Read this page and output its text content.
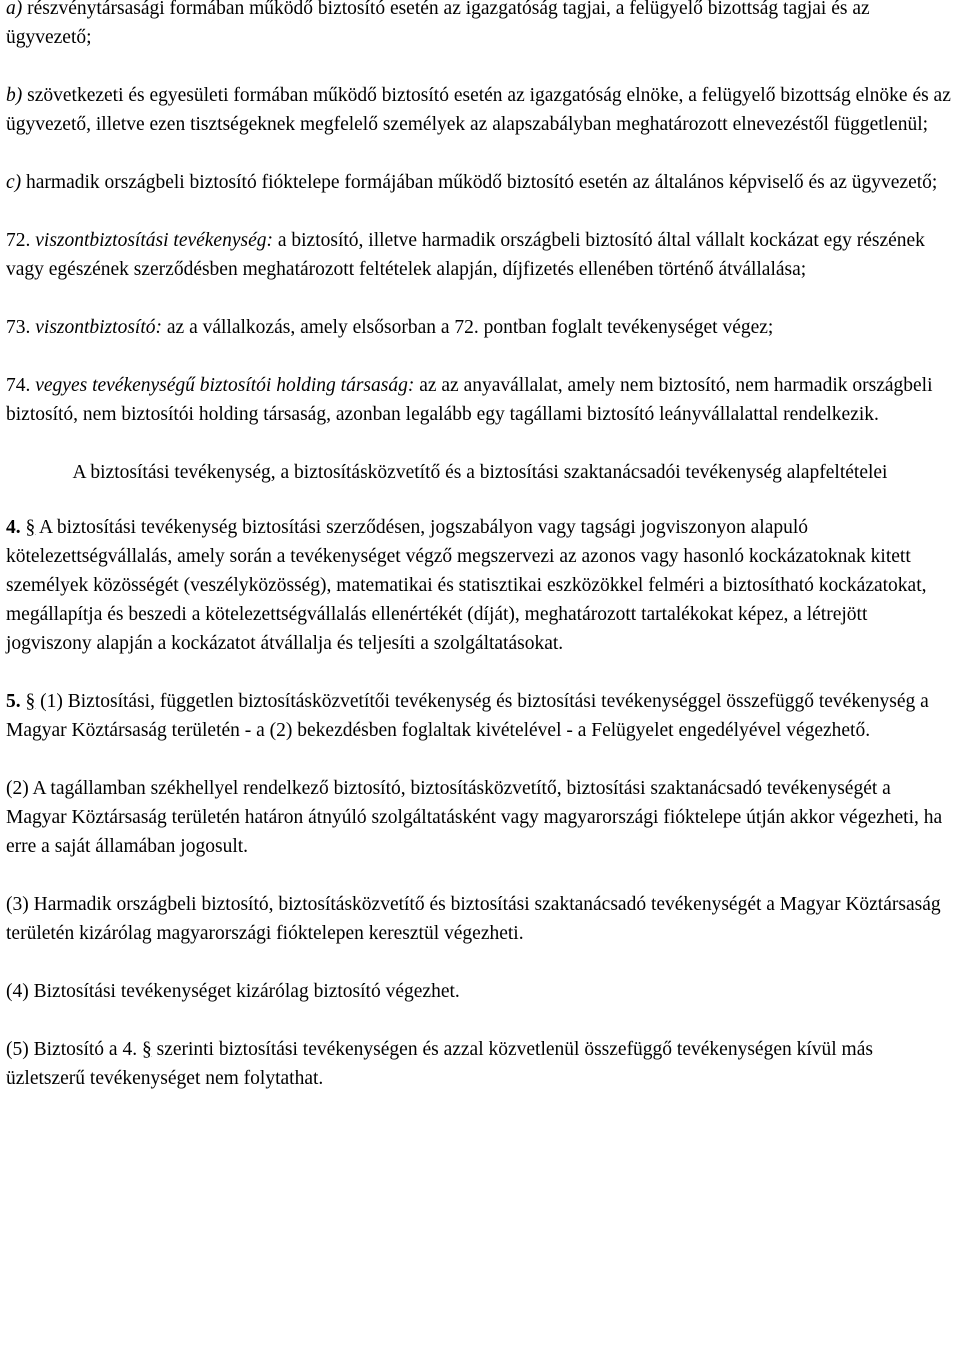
a) részvénytársasági formában működő biztosító esetén az igazgatóság tagjai, a felügyelő bizottság tagjai és az ügyvezető;

b) szövetkezeti és egyesületi formában működő biztosító esetén az igazgatóság elnöke, a felügyelő bizottság elnöke és az ügyvezető, illetve ezen tisztségeknek megfelelő személyek az alapszabályban meghatározott elnevezéstől függetlenül;

c) harmadik országbeli biztosító fióktelepe formájában működő biztosító esetén az általános képviselő és az ügyvezető;

72. viszontbiztosítási tevékenység: a biztosító, illetve harmadik országbeli biztosító által vállalt kockázat egy részének vagy egészének szerződésben meghatározott feltételek alapján, díjfizetés ellenében történő átvállalása;

73. viszontbiztosító: az a vállalkozás, amely elsősorban a 72. pontban foglalt tevékenységet végez;

74. vegyes tevékenységű biztosítói holding társaság: az az anyavállalat, amely nem biztosító, nem harmadik országbeli biztosító, nem biztosítói holding társaság, azonban legalább egy tagállami biztosító leányvállalattal rendelkezik.

A biztosítási tevékenység, a biztosításközvetítő és a biztosítási szaktanácsadói tevékenység alapfeltételei

4. § A biztosítási tevékenység biztosítási szerződésen, jogszabályon vagy tagsági jogviszonyon alapuló kötelezettségvállalás, amely során a tevékenységet végző megszervezi az azonos vagy hasonló kockázatoknak kitett személyek közösségét (veszélyközösség), matematikai és statisztikai eszközökkel felméri a biztosítható kockázatokat, megállapítja és beszedi a kötelezettségvállalás ellenértékét (díját), meghatározott tartalékokat képez, a létrejött jogviszony alapján a kockázatot átvállalja és teljesíti a szolgáltatásokat.

5. § (1) Biztosítási, független biztosításközvetítői tevékenység és biztosítási tevékenységgel összefüggő tevékenység a Magyar Köztársaság területén - a (2) bekezdésben foglaltak kivételével - a Felügyelet engedélyével végezhető.

(2) A tagállamban székhellyel rendelkező biztosító, biztosításközvetítő, biztosítási szaktanácsadó tevékenységét a Magyar Köztársaság területén határon átnyúló szolgáltatásként vagy magyarországi fióktelepe útján akkor végezheti, ha erre a saját államában jogosult.

(3) Harmadik országbeli biztosító, biztosításközvetítő és biztosítási szaktanácsadó tevékenységét a Magyar Köztársaság területén kizárólag magyarországi fióktelepen keresztül végezheti.

(4) Biztosítási tevékenységet kizárólag biztosító végezhet.

(5) Biztosító a 4. § szerinti biztosítási tevékenységen és azzal közvetlenül összefüggő tevékenységen kívül más üzletszerű tevékenységet nem folytathat.
